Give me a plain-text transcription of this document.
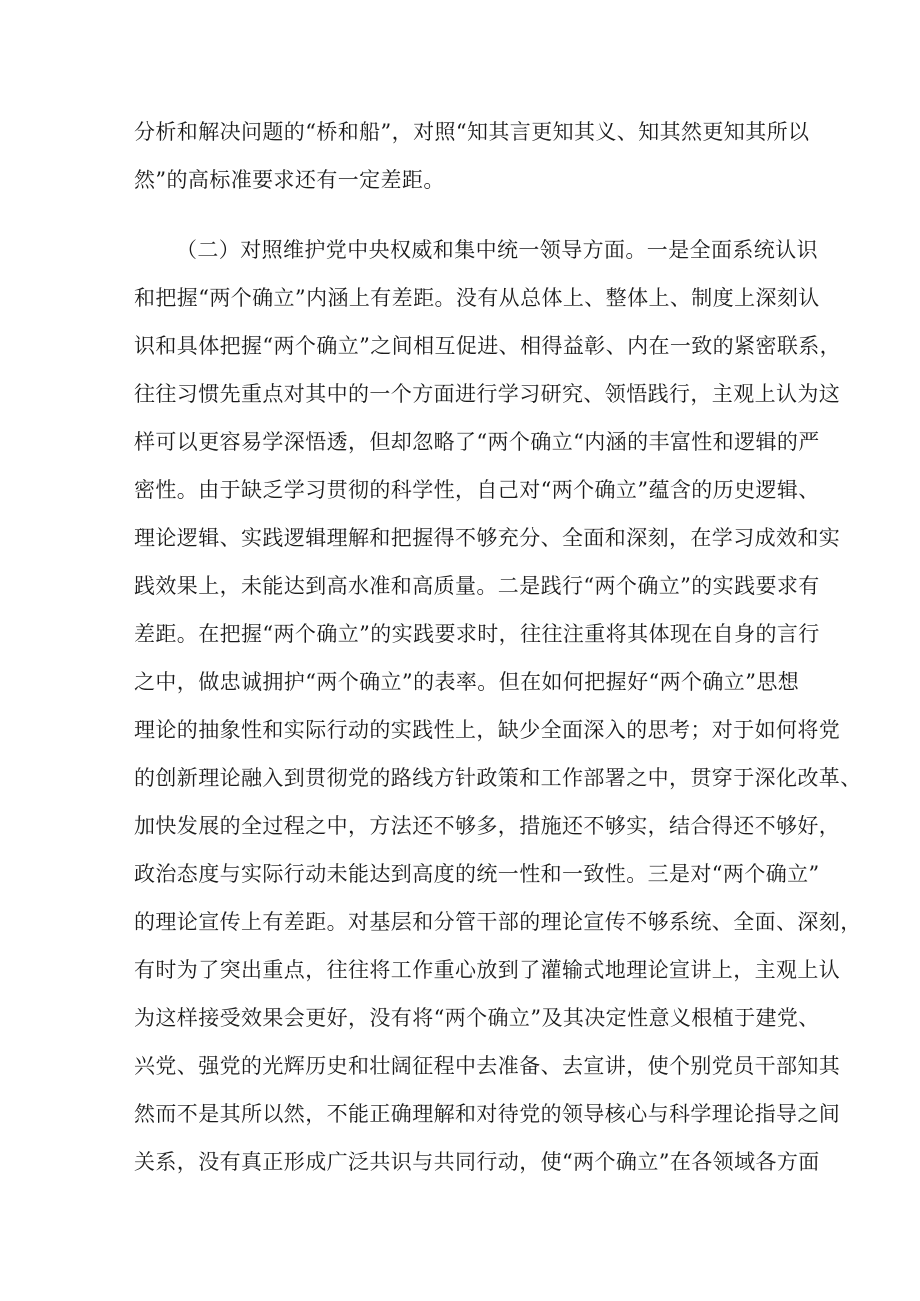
分析和解决问题的“桥和船”，对照“知其言更知其义、知其然更知其所以
然”的高标准要求还有一定差距。
（二）对照维护党中央权威和集中统一领导方面。一是全面系统认识
和把握“两个确立”内涵上有差距。没有从总体上、整体上、制度上深刻认
识和具体把握“两个确立”之间相互促进、相得益彰、内在一致的紧密联系，
往往习惯先重点对其中的一个方面进行学习研究、领悟践行，主观上认为这
样可以更容易学深悟透，但却忽略了“两个确立“内涵的丰富性和逻辑的严
密性。由于缺乏学习贯彻的科学性，自己对“两个确立”蕴含的历史逻辑、
理论逻辑、实践逻辑理解和把握得不够充分、全面和深刻，在学习成效和实
践效果上，未能达到高水准和高质量。二是践行“两个确立”的实践要求有
差距。在把握“两个确立”的实践要求时，往往注重将其体现在自身的言行
之中，做忠诚拥护“两个确立”的表率。但在如何把握好“两个确立”思想
理论的抽象性和实际行动的实践性上，缺少全面深入的思考；对于如何将党
的创新理论融入到贯彻党的路线方针政策和工作部署之中，贯穿于深化改革、
加快发展的全过程之中，方法还不够多，措施还不够实，结合得还不够好，
政治态度与实际行动未能达到高度的统一性和一致性。三是对“两个确立”
的理论宣传上有差距。对基层和分管干部的理论宣传不够系统、全面、深刻，
有时为了突出重点，往往将工作重心放到了灌输式地理论宣讲上，主观上认
为这样接受效果会更好，没有将“两个确立”及其决定性意义根植于建党、
兴党、强党的光辉历史和壮阔征程中去准备、去宣讲，使个别党员干部知其
然而不是其所以然，不能正确理解和对待党的领导核心与科学理论指导之间
关系，没有真正形成广泛共识与共同行动，使“两个确立”在各领域各方面
